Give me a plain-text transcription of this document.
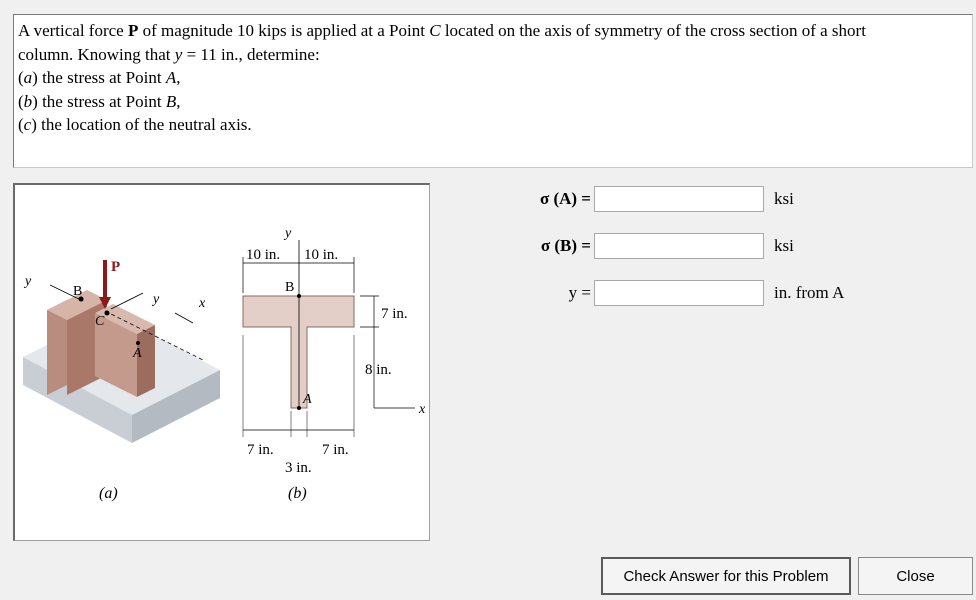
A vertical force P of magnitude 10 kips is applied at a Point C located on the axis of symmetry of the cross section of a short
column. Knowing that y = 11 in., determine:
(a) the stress at Point A,
(b) the stress at Point B,
(c) the location of the neutral axis.
P
B
C
A
y
y	x
(a)
y
10 in. 10 in.
B
A
7 in.
8 in.
x
7 in.	7 in.
3 in.
(b)
σ (A) =	ksi
σ (B) =	ksi
y =	in. from A
Check Answer for this Problem	Close
